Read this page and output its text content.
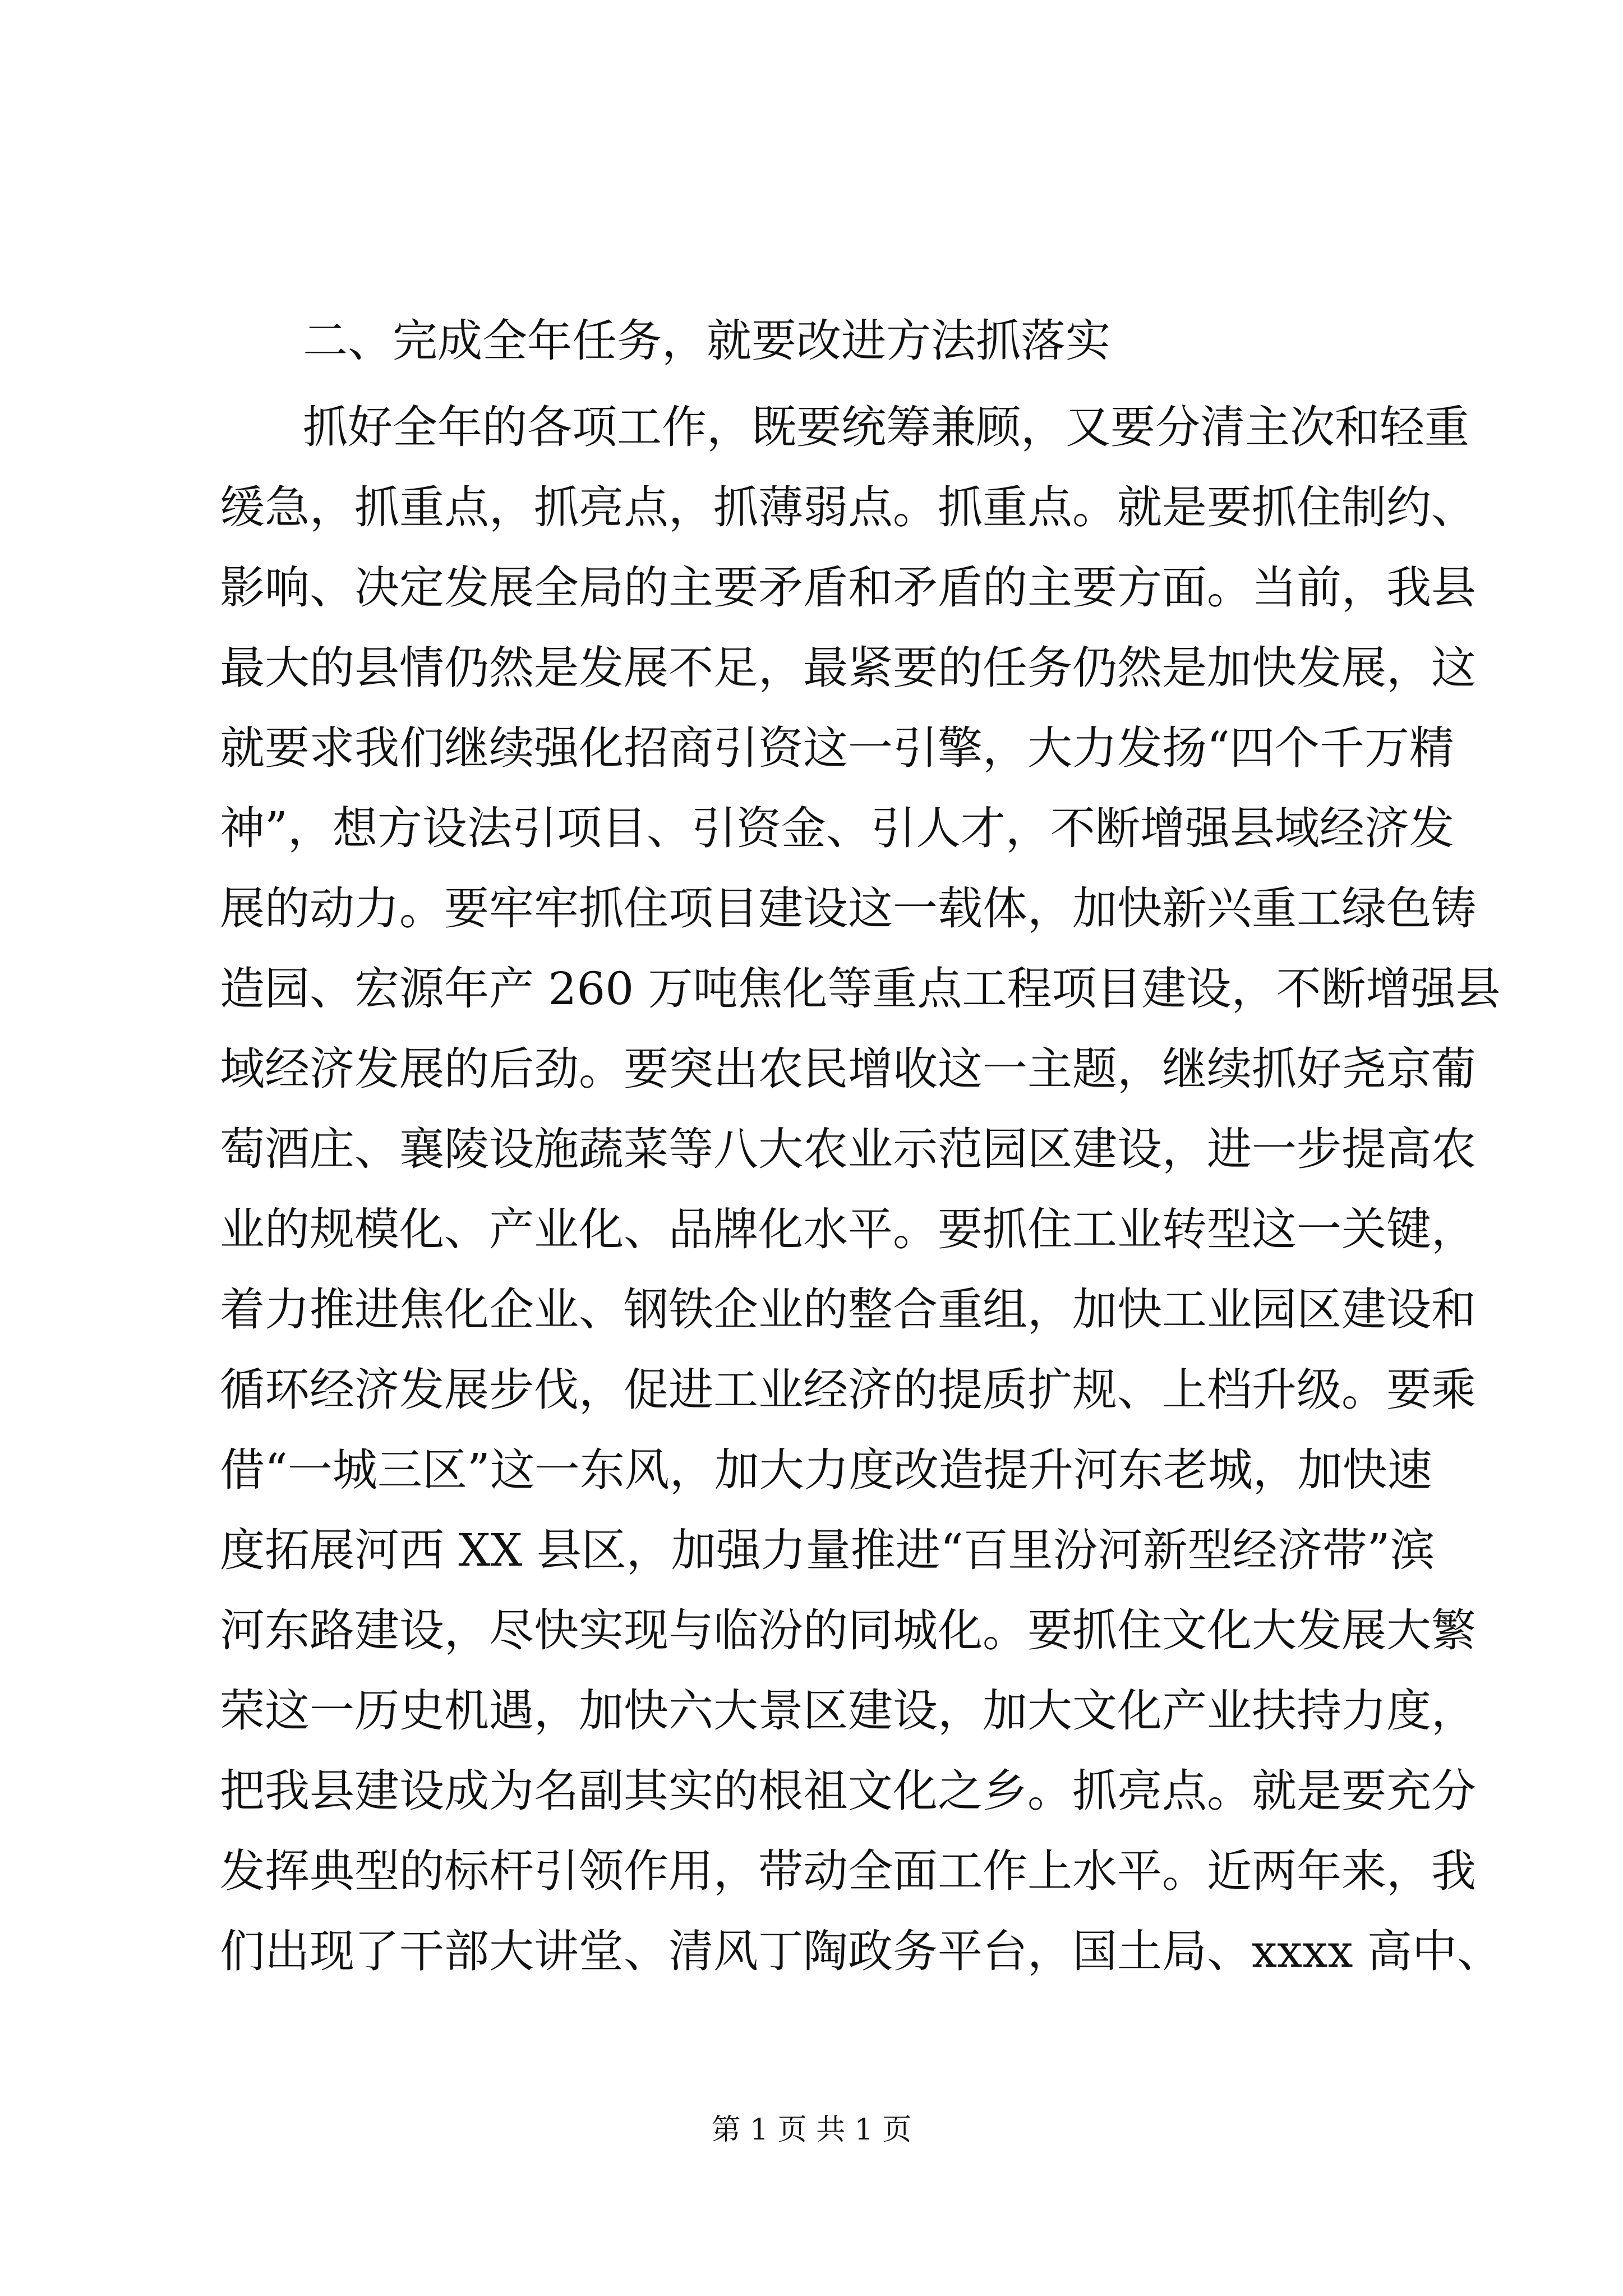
二、完成全年任务，就要改进方法抓落实
抓好全年的各项工作，既要统筹兼顾，又要分清主次和轻重
缓急，抓重点，抓亮点，抓薄弱点。抓重点。就是要抓住制约、
影响、决定发展全局的主要矛盾和矛盾的主要方面。当前，我县
最大的县情仍然是发展不足，最紧要的任务仍然是加快发展，这
就要求我们继续强化招商引资这一引擎，大力发扬“四个千万精
神”，想方设法引项目、引资金、引人才，不断增强县域经济发
展的动力。要牢牢抓住项目建设这一载体，加快新兴重工绿色铸
造园、宏源年产 260 万吨焦化等重点工程项目建设，不断增强县
域经济发展的后劲。要突出农民增收这一主题，继续抓好尧京葡
萄酒庄、襄陵设施蔬菜等八大农业示范园区建设，进一步提高农
业的规模化、产业化、品牌化水平。要抓住工业转型这一关键，
着力推进焦化企业、钢铁企业的整合重组，加快工业园区建设和
循环经济发展步伐，促进工业经济的提质扩规、上档升级。要乘
借“一城三区”这一东风，加大力度改造提升河东老城，加快速
度拓展河西 XX 县区，加强力量推进“百里汾河新型经济带”滨
河东路建设，尽快实现与临汾的同城化。要抓住文化大发展大繁
荣这一历史机遇，加快六大景区建设，加大文化产业扶持力度，
把我县建设成为名副其实的根祖文化之乡。抓亮点。就是要充分
发挥典型的标杆引领作用，带动全面工作上水平。近两年来，我
们出现了干部大讲堂、清风丁陶政务平台，国土局、xxxx 高中、
第 1 页 共 1 页
